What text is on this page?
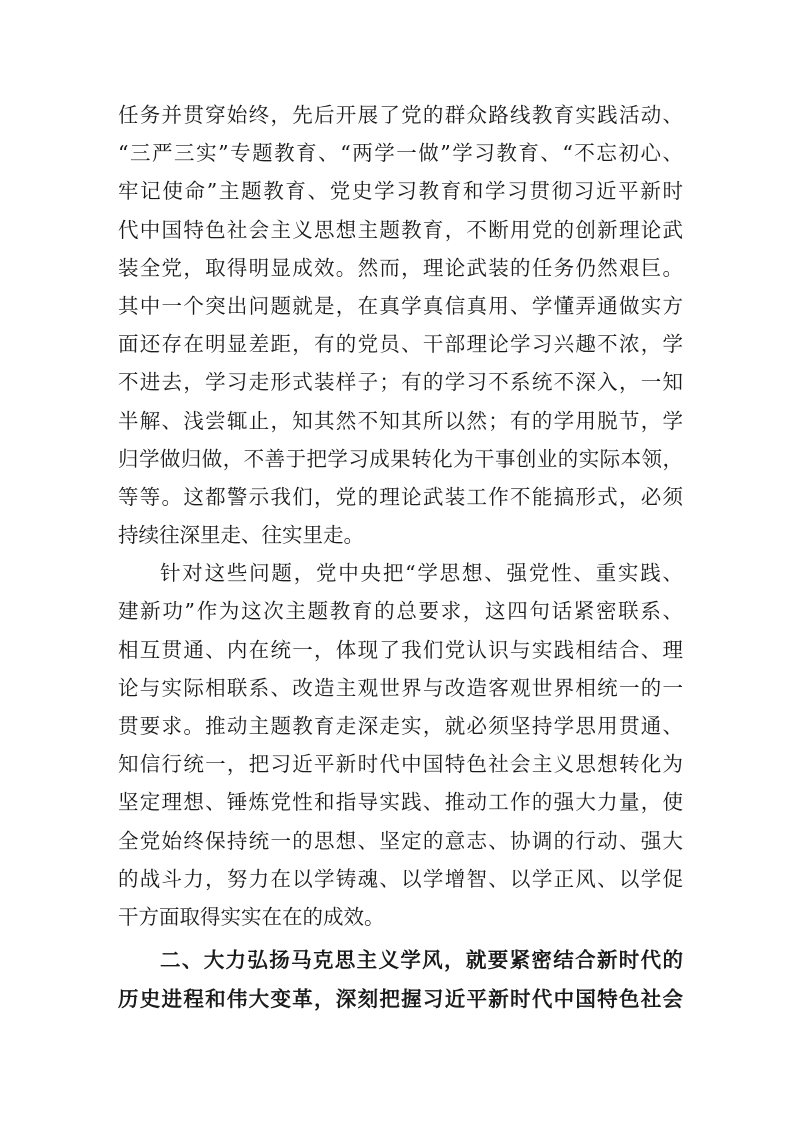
任务并贯穿始终，先后开展了党的群众路线教育实践活动、
“三严三实”专题教育、“两学一做”学习教育、“不忘初心、
牢记使命”主题教育、党史学习教育和学习贯彻习近平新时
代中国特色社会主义思想主题教育，不断用党的创新理论武
装全党，取得明显成效。然而，理论武装的任务仍然艰巨。
其中一个突出问题就是，在真学真信真用、学懂弄通做实方
面还存在明显差距，有的党员、干部理论学习兴趣不浓，学
不进去，学习走形式装样子；有的学习不系统不深入，一知
半解、浅尝辄止，知其然不知其所以然；有的学用脱节，学
归学做归做，不善于把学习成果转化为干事创业的实际本领，
等等。这都警示我们，党的理论武装工作不能搞形式，必须
持续往深里走、往实里走。
针对这些问题，党中央把“学思想、强党性、重实践、
建新功”作为这次主题教育的总要求，这四句话紧密联系、
相互贯通、内在统一，体现了我们党认识与实践相结合、理
论与实际相联系、改造主观世界与改造客观世界相统一的一
贯要求。推动主题教育走深走实，就必须坚持学思用贯通、
知信行统一，把习近平新时代中国特色社会主义思想转化为
坚定理想、锤炼党性和指导实践、推动工作的强大力量，使
全党始终保持统一的思想、坚定的意志、协调的行动、强大
的战斗力，努力在以学铸魂、以学增智、以学正风、以学促
干方面取得实实在在的成效。
二、大力弘扬马克思主义学风，就要紧密结合新时代的
历史进程和伟大变革，深刻把握习近平新时代中国特色社会
